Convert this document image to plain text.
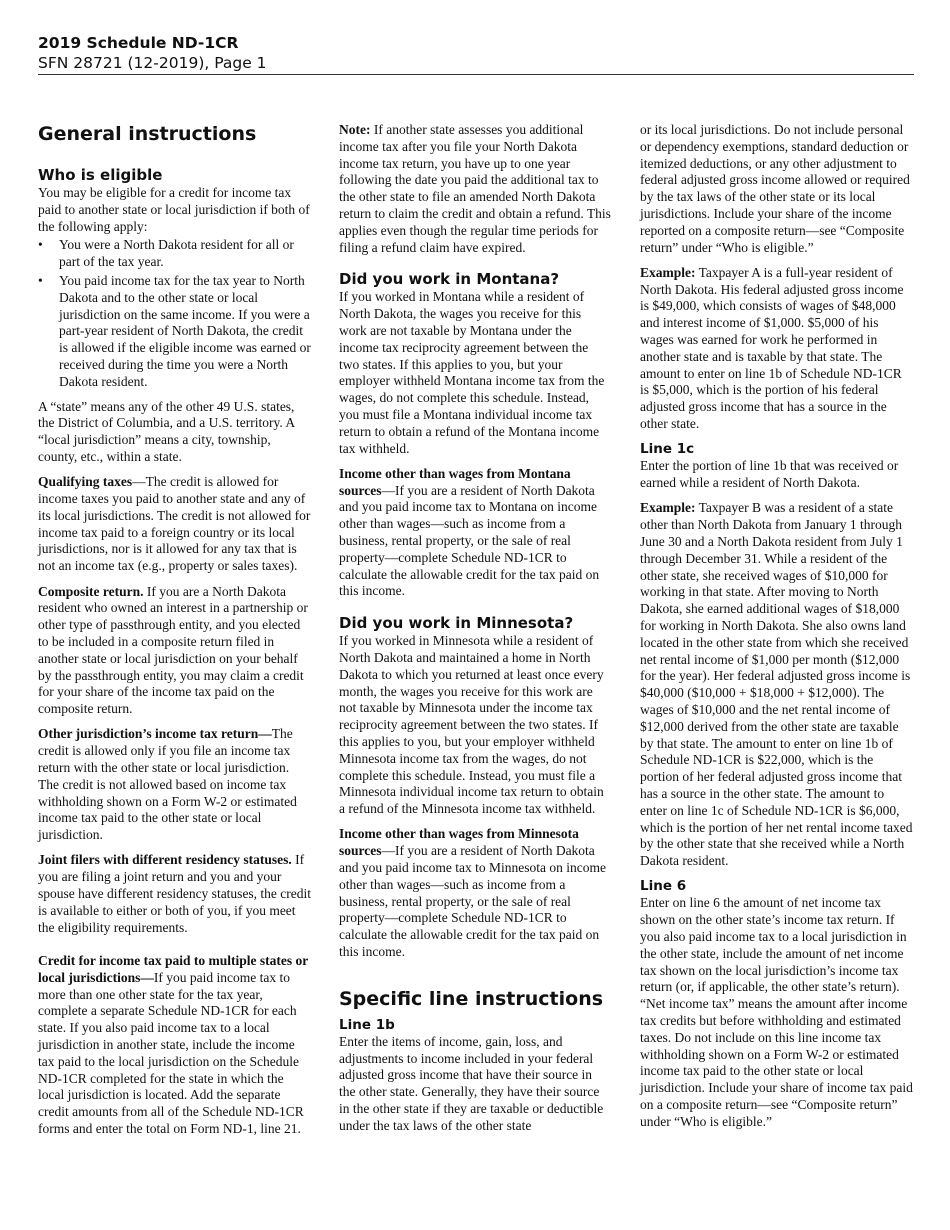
2019 Schedule ND-1CR
SFN 28721 (12-2019), Page 1
General instructions
Who is eligible

You may be eligible for a credit for income tax paid to another state or local jurisdiction if both of the following apply:

• You were a North Dakota resident for all or part of the tax year.
• You paid income tax for the tax year to North Dakota and to the other state or local jurisdiction on the same income. If you were a part-year resident of North Dakota, the credit is allowed if the eligible income was earned or received during the time you were a North Dakota resident.

A “state” means any of the other 49 U.S. states, the District of Columbia, and a U.S. territory. A “local jurisdiction” means a city, township, county, etc., within a state.

Qualifying taxes—The credit is allowed for income taxes you paid to another state and any of its local jurisdictions. The credit is not allowed for income tax paid to a foreign country or its local jurisdictions, nor is it allowed for any tax that is not an income tax (e.g., property or sales taxes).

Composite return. If you are a North Dakota resident who owned an interest in a partnership or other type of passthrough entity, and you elected to be included in a composite return filed in another state or local jurisdiction on your behalf by the passthrough entity, you may claim a credit for your share of the income tax paid on the composite return.

Other jurisdiction’s income tax return—The credit is allowed only if you file an income tax return with the other state or local jurisdiction. The credit is not allowed based on income tax withholding shown on a Form W-2 or estimated income tax paid to the other state or local jurisdiction.

Joint filers with different residency statuses. If you are filing a joint return and you and your spouse have different residency statuses, the credit is available to either or both of you, if you meet the eligibility requirements.

Credit for income tax paid to multiple states or local jurisdictions—If you paid income tax to more than one other state for the tax year, complete a separate Schedule ND-1CR for each state. If you also paid income tax to a local jurisdiction in another state, include the income tax paid to the local jurisdiction on the Schedule ND-1CR completed for the state in which the local jurisdiction is located. Add the separate credit amounts from all of the Schedule ND-1CR forms and enter the total on Form ND-1, line 21.

Note: If another state assesses you additional income tax after you file your North Dakota income tax return, you have up to one year following the date you paid the additional tax to the other state to file an amended North Dakota return to claim the credit and obtain a refund. This applies even though the regular time periods for filing a refund claim have expired.

Did you work in Montana?

If you worked in Montana while a resident of North Dakota, the wages you receive for this work are not taxable by Montana under the income tax reciprocity agreement between the two states. If this applies to you, but your employer withheld Montana income tax from the wages, do not complete this schedule. Instead, you must file a Montana individual income tax return to obtain a refund of the Montana income tax withheld.

Income other than wages from Montana sources—If you are a resident of North Dakota and you paid income tax to Montana on income other than wages—such as income from a business, rental property, or the sale of real property—complete Schedule ND-1CR to calculate the allowable credit for the tax paid on this income.

Did you work in Minnesota?

If you worked in Minnesota while a resident of North Dakota and maintained a home in North Dakota to which you returned at least once every month, the wages you receive for this work are not taxable by Minnesota under the income tax reciprocity agreement between the two states. If this applies to you, but your employer withheld Minnesota income tax from the wages, do not complete this schedule. Instead, you must file a Minnesota individual income tax return to obtain a refund of the Minnesota income tax withheld.

Income other than wages from Minnesota sources—If you are a resident of North Dakota and you paid income tax to Minnesota on income other than wages—such as income from a business, rental property, or the sale of real property—complete Schedule ND-1CR to calculate the allowable credit for the tax paid on this income.

Specific line instructions
Line 1b

Enter the items of income, gain, loss, and adjustments to income included in your federal adjusted gross income that have their source in the other state. Generally, they have their source in the other state if they are taxable or deductible under the tax laws of the other state

or its local jurisdictions. Do not include personal or dependency exemptions, standard deduction or itemized deductions, or any other adjustment to federal adjusted gross income allowed or required by the tax laws of the other state or its local jurisdictions. Include your share of the income reported on a composite return—see “Composite return” under “Who is eligible.”

Example: Taxpayer A is a full-year resident of North Dakota. His federal adjusted gross income is $49,000, which consists of wages of $48,000 and interest income of $1,000. $5,000 of his wages was earned for work he performed in another state and is taxable by that state. The amount to enter on line 1b of Schedule ND-1CR is $5,000, which is the portion of his federal adjusted gross income that has a source in the other state.

Line 1c

Enter the portion of line 1b that was received or earned while a resident of North Dakota.

Example: Taxpayer B was a resident of a state other than North Dakota from January 1 through June 30 and a North Dakota resident from July 1 through December 31. While a resident of the other state, she received wages of $10,000 for working in that state. After moving to North Dakota, she earned additional wages of $18,000 for working in North Dakota. She also owns land located in the other state from which she received net rental income of $1,000 per month ($12,000 for the year). Her federal adjusted gross income is $40,000 ($10,000 + $18,000 + $12,000). The wages of $10,000 and the net rental income of $12,000 derived from the other state are taxable by that state. The amount to enter on line 1b of Schedule ND-1CR is $22,000, which is the portion of her federal adjusted gross income that has a source in the other state. The amount to enter on line 1c of Schedule ND-1CR is $6,000, which is the portion of her net rental income taxed by the other state that she received while a North Dakota resident.

Line 6

Enter on line 6 the amount of net income tax shown on the other state’s income tax return. If you also paid income tax to a local jurisdiction in the other state, include the amount of net income tax shown on the local jurisdiction’s income tax return (or, if applicable, the other state’s return). “Net income tax” means the amount after income tax credits but before withholding and estimated taxes. Do not include on this line income tax withholding shown on a Form W-2 or estimated income tax paid to the other state or local jurisdiction. Include your share of income tax paid on a composite return—see “Composite return” under “Who is eligible.”
